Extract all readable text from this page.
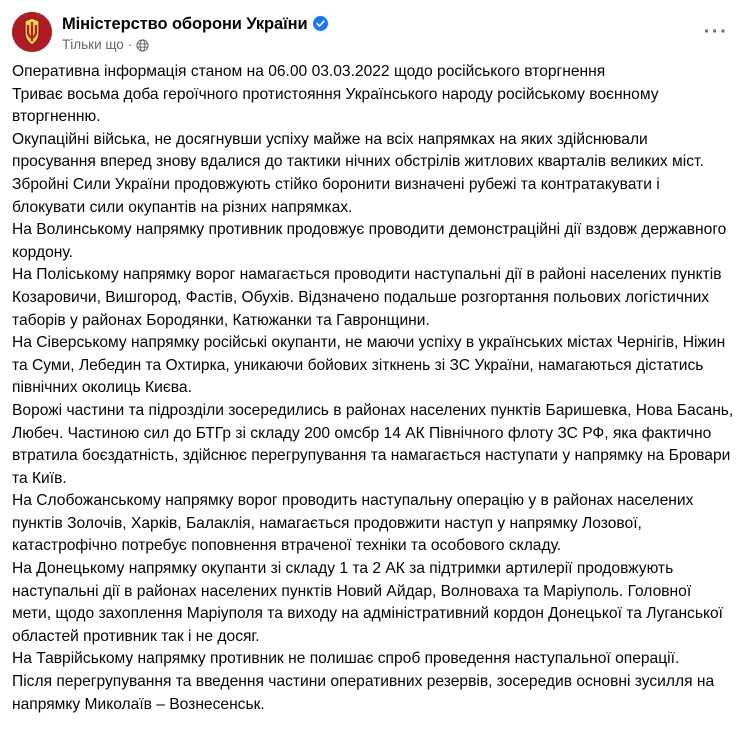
Міністерство оборони України
Тільки що ·
···

Оперативна інформація станом на 06.00 03.03.2022 щодо російського вторгнення

Триває восьма доба героїчного протистояння Українського народу російському воєнному вторгненню.

Окупаційні війська, не досягнувши успіху майже на всіх напрямках на яких здійснювали просування вперед знову вдалися до тактики нічних обстрілів житлових кварталів великих міст.

Збройні Сили України продовжують стійко боронити визначені рубежі та контратакувати і блокувати сили окупантів на різних напрямках.

На Волинському напрямку противник продовжує проводити демонстраційні дії вздовж державного кордону.

На Поліському напрямку ворог намагається проводити наступальні дії в районі населених пунктів Козаровичи, Вишгород, Фастів, Обухів. Відзначено подальше розгортання польових логістичних таборів у районах Бородянки, Катюжанки та Гавронщини.

На Сіверському напрямку російські окупанти, не маючи успіху в українських містах Чернігів, Ніжин та Суми, Лебедин та Охтирка, уникаючи бойових зіткнень зі ЗС України, намагаються дістатись північних околиць Києва.

Ворожі частини та підрозділи зосередились в районах населених пунктів Баришевка, Нова Басань, Любеч. Частиною сил до БТГр зі складу 200 омсбр 14 АК Північного флоту ЗС РФ, яка фактично втратила боєздатність, здійснює перегрупування та намагається наступати у напрямку на Бровари та Київ.

На Слобожанському напрямку ворог проводить наступальну операцію у в районах населених пунктів Золочів, Харків, Балаклія, намагається продовжити наступ у напрямку Лозової, катастрофічно потребує поповнення втраченої техніки та особового складу.

На Донецькому напрямку окупанти зі складу 1 та 2 АК за підтримки артилерії продовжують наступальні дії в районах населених пунктів Новий Айдар, Волноваха та Маріуполь. Головної мети, щодо захоплення Маріуполя та виходу на адміністративний кордон Донецької та Луганської областей противник так і не досяг.

На Таврійському напрямку противник не полишає спроб проведення наступальної операції.

Після перегрупування та введення частини оперативних резервів, зосередив основні зусилля на напрямку Миколаїв – Вознесенськ.
